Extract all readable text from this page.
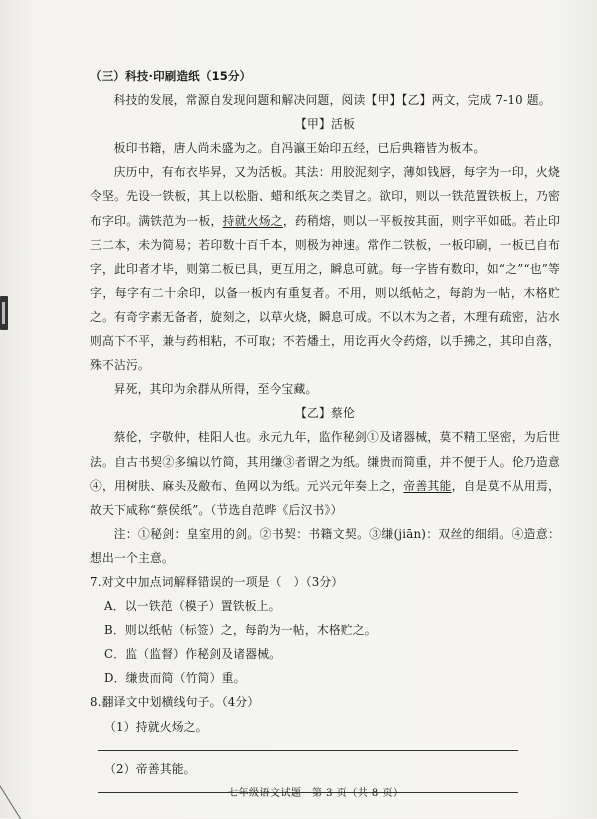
（三）科技·印刷造纸（15分）

科技的发展，常源自发现问题和解决问题，阅读【甲】【乙】两文，完成 7-10 题。

【甲】活板

板印书籍，唐人尚未盛为之。自冯瀛王始印五经，已后典籍皆为板本。

庆历中，有布衣毕昇，又为活板。其法：用胶泥刻字，薄如钱唇，每字为一印，火烧令坚。先设一铁板，其上以松脂、蜡和纸灰之类冒之。欲印，则以一铁范置铁板上，乃密布字印。满铁范为一板，持就火炀之，药稍熔，则以一平板按其面，则字平如砥。若止印三二本，未为简易；若印数十百千本，则极为神速。常作二铁板，一板印刷，一板已自布字，此印者才毕，则第二板已具，更互用之，瞬息可就。每一字皆有数印，如“之”“也”等字，每字有二十余印，以备一板内有重复者。不用，则以纸帖之，每韵为一帖，木格贮之。有奇字素无备者，旋刻之，以草火烧，瞬息可成。不以木为之者，木理有疏密，沾水则高下不平，兼与药相粘，不可取；不若燔土，用讫再火令药熔，以手拂之，其印自落，殊不沾污。

昇死，其印为余群从所得，至今宝藏。

【乙】蔡伦

蔡伦，字敬仲，桂阳人也。永元九年，监作秘剑①及诸器械，莫不精工坚密，为后世法。自古书契②多编以竹简，其用缣③者谓之为纸。缣贵而简重，并不便于人。伦乃造意④，用树肤、麻头及敝布、鱼网以为纸。元兴元年奏上之，帝善其能，自是莫不从用焉，故天下咸称“蔡侯纸”。（节选自范晔《后汉书》）

注：①秘剑：皇室用的剑。②书契：书籍文契。③缣(jiān)：双丝的细绢。④造意：想出一个主意。

7.对文中加点词解释错误的一项是（　）（3分）

A．以一铁范（模子）置铁板上。

B．则以纸帖（标签）之，每韵为一帖，木格贮之。

C．监（监督）作秘剑及诸器械。

D．缣贵而简（竹简）重。

8.翻译文中划横线句子。（4分）

（1）持就火炀之。

（2）帝善其能。

七年级语文试题　第 3 页（共 8 页）
